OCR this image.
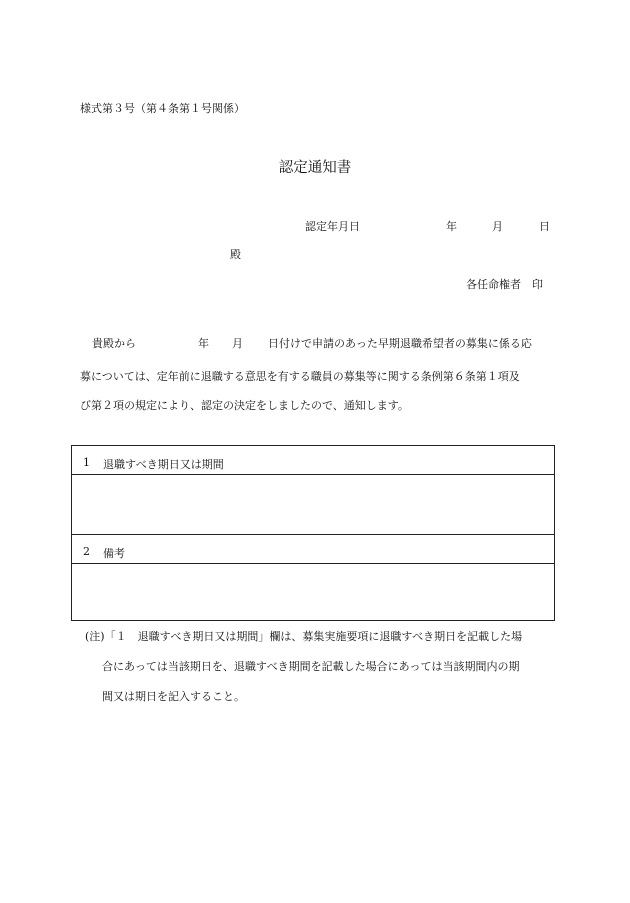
様式第３号（第４条第１号関係）
認定通知書
認定年月日	年	月	日
殿
各任命権者　印
貴殿から	年 月 日付けで申請のあった早期退職希望者の募集に係る応
募については、定年前に退職する意思を有する職員の募集等に関する条例第６条第１項及
び第２項の規定により、認定の決定をしましたので、通知します。
1 退職すべき期日又は期間
2 備考
(注)「１　退職すべき期日又は期間」欄は、募集実施要項に退職すべき期日を記載した場
合にあっては当該期日を、退職すべき期間を記載した場合にあっては当該期間内の期
間又は期日を記入すること。
